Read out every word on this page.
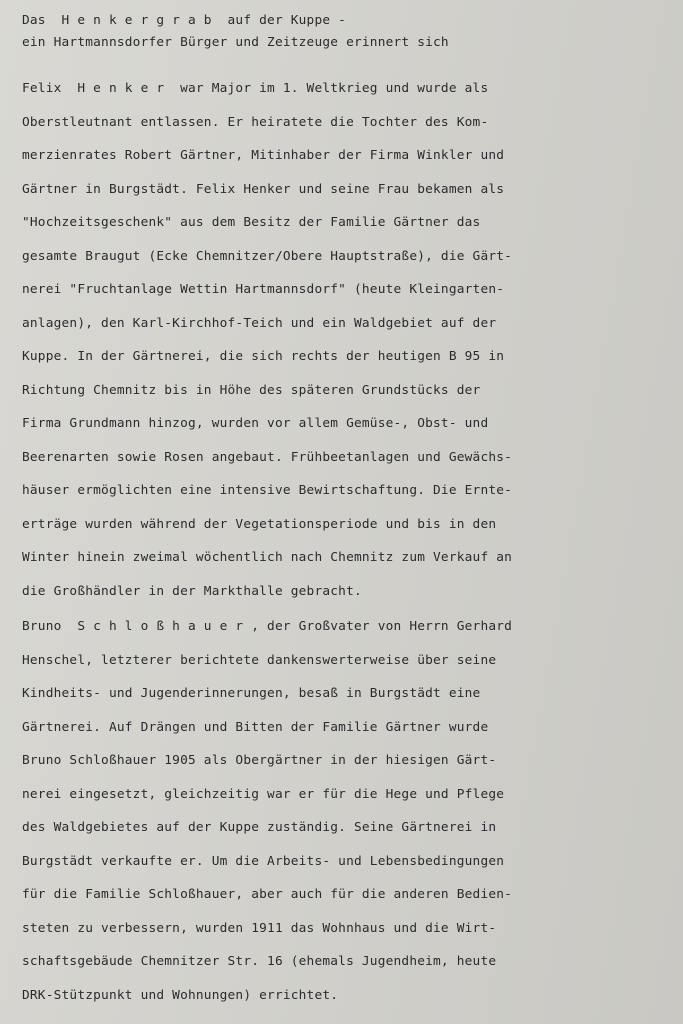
Das  H e n k e r g r a b  auf der Kuppe -
ein Hartmannsdorfer Bürger und Zeitzeuge erinnert sich
Felix  H e n k e r  war Major im 1. Weltkrieg und wurde als
Oberstleutnant entlassen. Er heiratete die Tochter des Kom-
merzienrates Robert Gärtner, Mitinhaber der Firma Winkler und
Gärtner in Burgstädt. Felix Henker und seine Frau bekamen als
"Hochzeitsgeschenk" aus dem Besitz der Familie Gärtner das
gesamte Braugut (Ecke Chemnitzer/Obere Hauptstraße), die Gärt-
nerei "Fruchtanlage Wettin Hartmannsdorf" (heute Kleingarten-
anlagen), den Karl-Kirchhof-Teich und ein Waldgebiet auf der
Kuppe. In der Gärtnerei, die sich rechts der heutigen B 95 in
Richtung Chemnitz bis in Höhe des späteren Grundstücks der
Firma Grundmann hinzog, wurden vor allem Gemüse-, Obst- und
Beerenarten sowie Rosen angebaut. Frühbeetanlagen und Gewächs-
häuser ermöglichten eine intensive Bewirtschaftung. Die Ernte-
erträge wurden während der Vegetationsperiode und bis in den
Winter hinein zweimal wöchentlich nach Chemnitz zum Verkauf an
die Großhändler in der Markthalle gebracht.
Bruno  S c h l o ß h a u e r , der Großvater von Herrn Gerhard
Henschel, letzterer berichtete dankenswerterweise über seine
Kindheits- und Jugenderinnerungen, besaß in Burgstädt eine
Gärtnerei. Auf Drängen und Bitten der Familie Gärtner wurde
Bruno Schloßhauer 1905 als Obergärtner in der hiesigen Gärt-
nerei eingesetzt, gleichzeitig war er für die Hege und Pflege
des Waldgebietes auf der Kuppe zuständig. Seine Gärtnerei in
Burgstädt verkaufte er. Um die Arbeits- und Lebensbedingungen
für die Familie Schloßhauer, aber auch für die anderen Bedien-
steten zu verbessern, wurden 1911 das Wohnhaus und die Wirt-
schaftsgebäude Chemnitzer Str. 16 (ehemals Jugendheim, heute
DRK-Stützpunkt und Wohnungen) errichtet.
